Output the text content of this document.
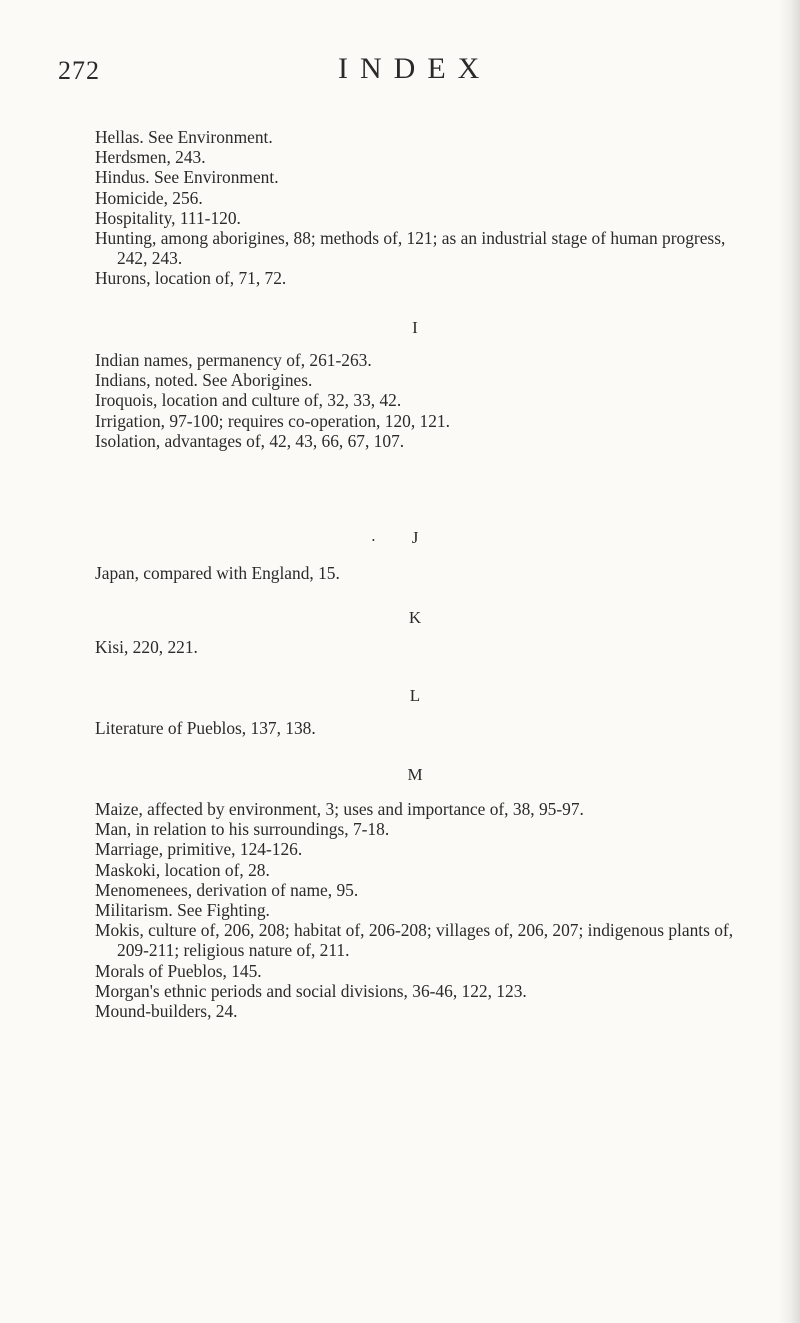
272	INDEX

Hellas. See Environment.

Herdsmen, 243.

Hindus. See Environment.

Homicide, 256.

Hospitality, 111-120.

Hunting, among aborigines, 88; methods of, 121; as an industrial stage of human progress, 242, 243.

Hurons, location of, 71, 72.

I

Indian names, permanency of, 261-263.

Indians, noted. See Aborigines.

Iroquois, location and culture of, 32, 33, 42.

Irrigation, 97-100; requires co-operation, 120, 121.

Isolation, advantages of, 42, 43, 66, 67, 107.

•	J

Japan, compared with England, 15.

K

Kisi, 220, 221.

L

Literature of Pueblos, 137, 138.

M

Maize, affected by environment, 3; uses and importance of, 38, 95-97.

Man, in relation to his surroundings, 7-18.

Marriage, primitive, 124-126.

Maskoki, location of, 28.

Menomenees, derivation of name, 95.

Militarism. See Fighting.

Mokis, culture of, 206, 208; habitat of, 206-208; villages of, 206, 207; indigenous plants of, 209-211; religious nature of, 211.

Morals of Pueblos, 145.

Morgan's ethnic periods and social divisions, 36-46, 122, 123.

Mound-builders, 24.
